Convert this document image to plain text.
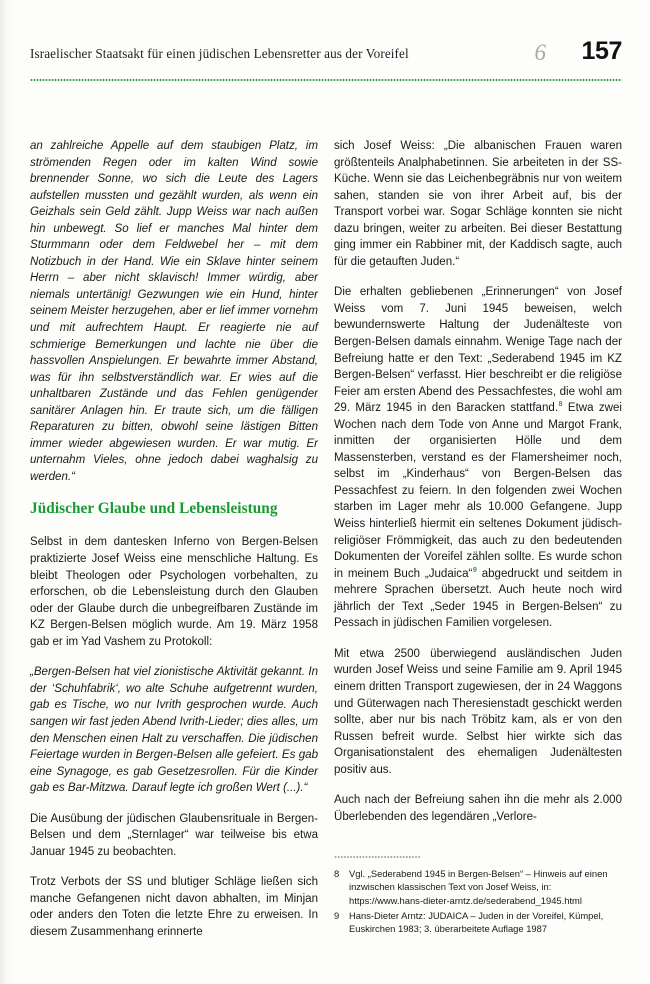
Israelischer Staatsakt für einen jüdischen Lebensretter aus der Voreifel	6 157

an zahlreiche Appelle auf dem staubigen Platz, im strömenden Regen oder im kalten Wind sowie brennender Sonne, wo sich die Leute des Lagers aufstellen mussten und gezählt wurden, als wenn ein Geizhals sein Geld zählt. Jupp Weiss war nach außen hin unbewegt. So lief er manches Mal hinter dem Sturmmann oder dem Feldwebel her – mit dem Notizbuch in der Hand. Wie ein Sklave hinter seinem Herrn – aber nicht sklavisch! Immer würdig, aber niemals untertänig! Gezwungen wie ein Hund, hinter seinem Meister herzugehen, aber er lief immer vornehm und mit aufrechtem Haupt. Er reagierte nie auf schmierige Bemerkungen und lachte nie über die hassvollen Anspielungen. Er bewahrte immer Abstand, was für ihn selbstverständlich war. Er wies auf die unhaltbaren Zustände und das Fehlen genügender sanitärer Anlagen hin. Er traute sich, um die fälligen Reparaturen zu bitten, obwohl seine lästigen Bitten immer wieder abgewiesen wurden. Er war mutig. Er unternahm Vieles, ohne jedoch dabei waghalsig zu werden.“

Jüdischer Glaube und Lebensleistung

Selbst in dem dantesken Inferno von Bergen-Belsen praktizierte Josef Weiss eine menschliche Haltung. Es bleibt Theologen oder Psychologen vorbehalten, zu erforschen, ob die Lebensleistung durch den Glauben oder der Glaube durch die unbegreifbaren Zustände im KZ Bergen-Belsen möglich wurde. Am 19. März 1958 gab er im Yad Vashem zu Protokoll:

„Bergen-Belsen hat viel zionistische Aktivität gekannt. In der ‘Schuhfabrik‘, wo alte Schuhe aufgetrennt wurden, gab es Tische, wo nur Ivrith gesprochen wurde. Auch sangen wir fast jeden Abend Ivrith-Lieder; dies alles, um den Menschen einen Halt zu verschaffen. Die jüdischen Feiertage wurden in Bergen-Belsen alle gefeiert. Es gab eine Synagoge, es gab Gesetzesrollen. Für die Kinder gab es Bar-Mitzwa. Darauf legte ich großen Wert (...).“

Die Ausübung der jüdischen Glaubensrituale in Bergen-Belsen und dem „Sternlager“ war teilweise bis etwa Januar 1945 zu beobachten.

Trotz Verbots der SS und blutiger Schläge ließen sich manche Gefangenen nicht davon abhalten, im Minjan oder anders den Toten die letzte Ehre zu erweisen. In diesem Zusammenhang erinnerte

sich Josef Weiss: „Die albanischen Frauen waren größtenteils Analphabetinnen. Sie arbeiteten in der SS-Küche. Wenn sie das Leichenbegräbnis nur von weitem sahen, standen sie von ihrer Arbeit auf, bis der Transport vorbei war. Sogar Schläge konnten sie nicht dazu bringen, weiter zu arbeiten. Bei dieser Bestattung ging immer ein Rabbiner mit, der Kaddisch sagte, auch für die getauften Juden.“

Die erhalten gebliebenen „Erinnerungen“ von Josef Weiss vom 7. Juni 1945 beweisen, welch bewundernswerte Haltung der Judenälteste von Bergen-Belsen damals einnahm. Wenige Tage nach der Befreiung hatte er den Text: „Sederabend 1945 im KZ Bergen-Belsen“ verfasst. Hier beschreibt er die religiöse Feier am ersten Abend des Pessachfestes, die wohl am 29. März 1945 in den Baracken stattfand.$^8$ Etwa zwei Wochen nach dem Tode von Anne und Margot Frank, inmitten der organisierten Hölle und dem Massensterben, verstand es der Flamersheimer noch, selbst im „Kinderhaus“ von Bergen-Belsen das Pessachfest zu feiern. In den folgenden zwei Wochen starben im Lager mehr als 10.000 Gefangene. Jupp Weiss hinterließ hiermit ein seltenes Dokument jüdisch-religiöser Frömmigkeit, das auch zu den bedeutenden Dokumenten der Voreifel zählen sollte. Es wurde schon in meinem Buch „Judaica“$^9$ abgedruckt und seitdem in mehrere Sprachen übersetzt. Auch heute noch wird jährlich der Text „Seder 1945 in Bergen-Belsen“ zu Pessach in jüdischen Familien vorgelesen.

Mit etwa 2500 überwiegend ausländischen Juden wurden Josef Weiss und seine Familie am 9. April 1945 einem dritten Transport zugewiesen, der in 24 Waggons und Güterwagen nach Theresienstadt geschickt werden sollte, aber nur bis nach Tröbitz kam, als er von den Russen befreit wurde. Selbst hier wirkte sich das Organisationstalent des ehemaligen Judenältesten positiv aus.

Auch nach der Befreiung sahen ihn die mehr als 2.000 Überlebenden des legendären „Verlore-

8	Vgl. „Sederabend 1945 in Bergen-Belsen“ – Hinweis auf einen inzwischen klassischen Text von Josef Weiss, in: https://www.hans-dieter-arntz.de/sederabend_1945.html
9	Hans-Dieter Arntz: JUDAICA – Juden in der Voreifel, Kümpel, Euskirchen 1983; 3. überarbeitete Auflage 1987
